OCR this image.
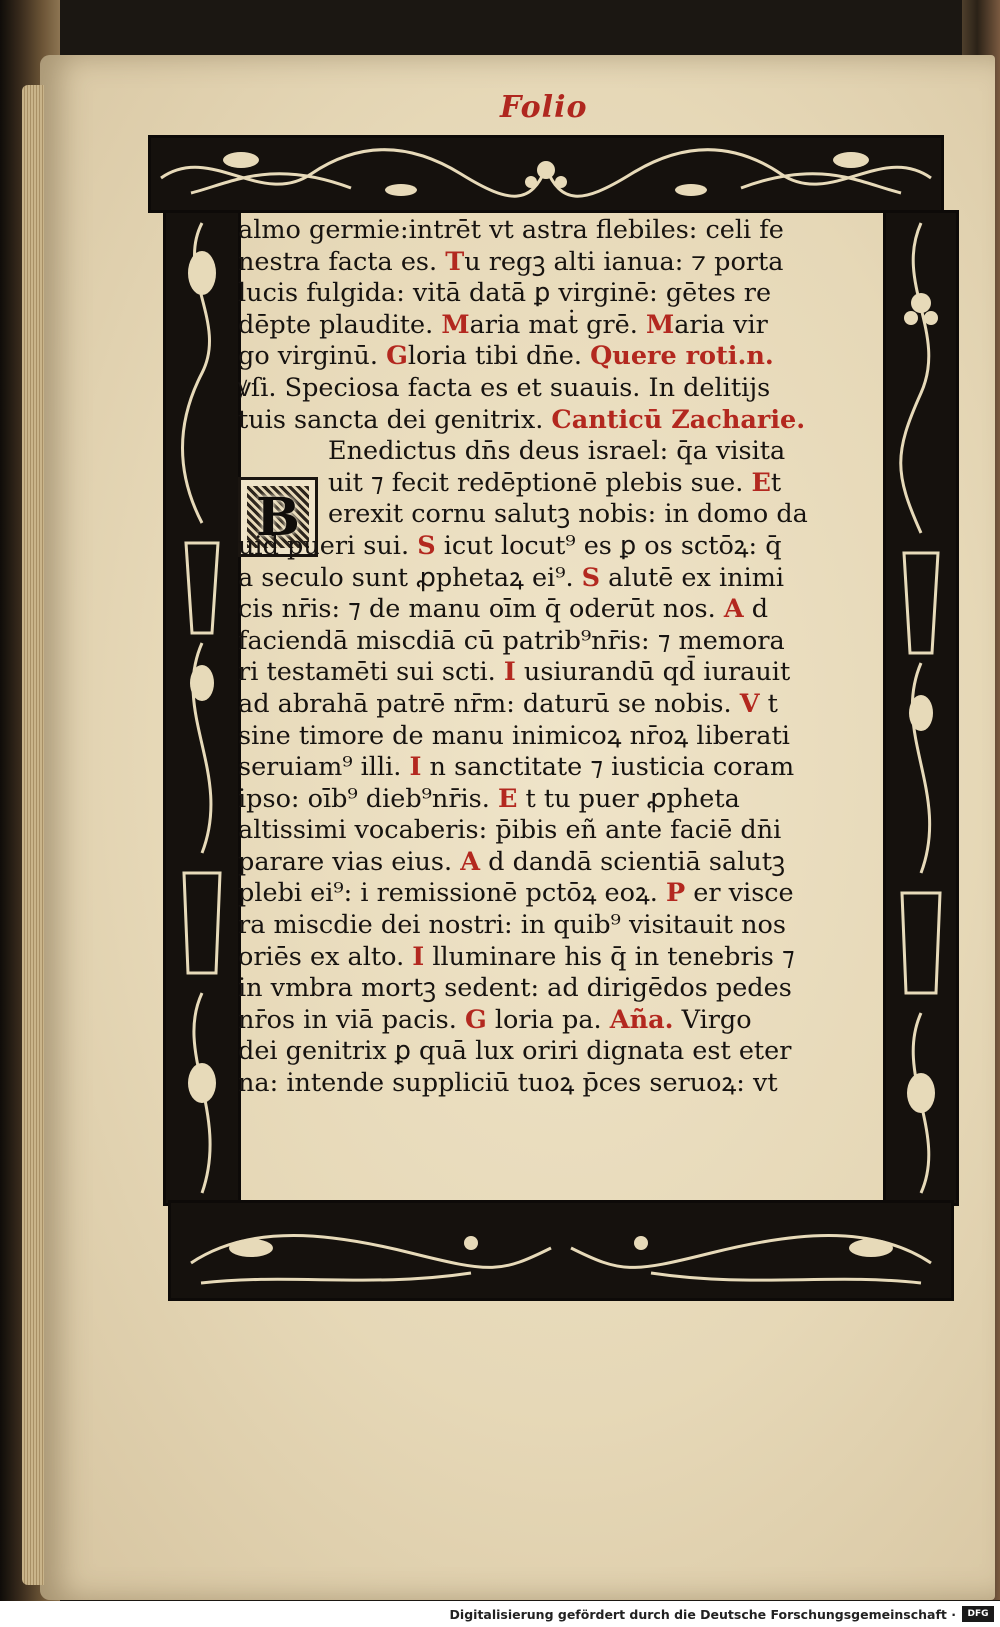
Folio
B
almo germie:intrēt vt astra flebiles: celi fe
nestra facta es. Tu regꝫ alti ianua: ⁊ porta
lucis fulgida: vitā datā ꝑ virginē: gētes re
dēpte plaudite. Maria maṫ grē. Maria vir
go virginū. Gloria tibi dn̄e. Quere roti.n.
ꝟſi. Speciosa facta es et suauis. In delitijs
tuis sancta dei genitrix. Canticū Zacharie.
Enedictus dn̄s deus israel: q̄a visita
uit ⁊ fecit redēptionē plebis sue. Et
erexit cornu salutꝫ nobis: in domo da
uid pueri sui. S icut locut⁹ es ꝑ os sctōꝝ: q̄
a seculo sunt ꝓphetaꝝ ei⁹. S alutē ex inimi
cis nr̄is: ⁊ de manu oīm q̄ oderūt nos. A d
faciendā miscdiā cū patrib⁹nr̄is: ⁊ memora
ri testamēti sui scti. I usiurandū qd̄ iurauit
ad abrahā patrē nr̄m: daturū se nobis. V t
sine timore de manu inimicoꝝ nr̄oꝝ liberati
seruiam⁹ illi. I n sanctitate ⁊ iusticia coram
ipso: oīb⁹ dieb⁹nr̄is. E t tu puer ꝓpheta
altissimi vocaberis: p̄ibis eñ ante faciē dn̄i
parare vias eius. A d dandā scientiā salutꝫ
plebi ei⁹: i remissionē pctōꝝ eoꝝ. P er visce
ra miscdie dei nostri: in quib⁹ visitauit nos
oriēs ex alto. I lluminare his q̄ in tenebris ⁊
in vmbra mortꝫ sedent: ad dirigēdos pedes
nr̄os in viā pacis. G loria pa. Aña. Virgo
dei genitrix ꝑ quā lux oriri dignata est eter
na: intende suppliciū tuoꝝ p̄ces seruoꝝ: vt
Digitalisierung gefördert durch die Deutsche Forschungsgemeinschaft ·	DFG
